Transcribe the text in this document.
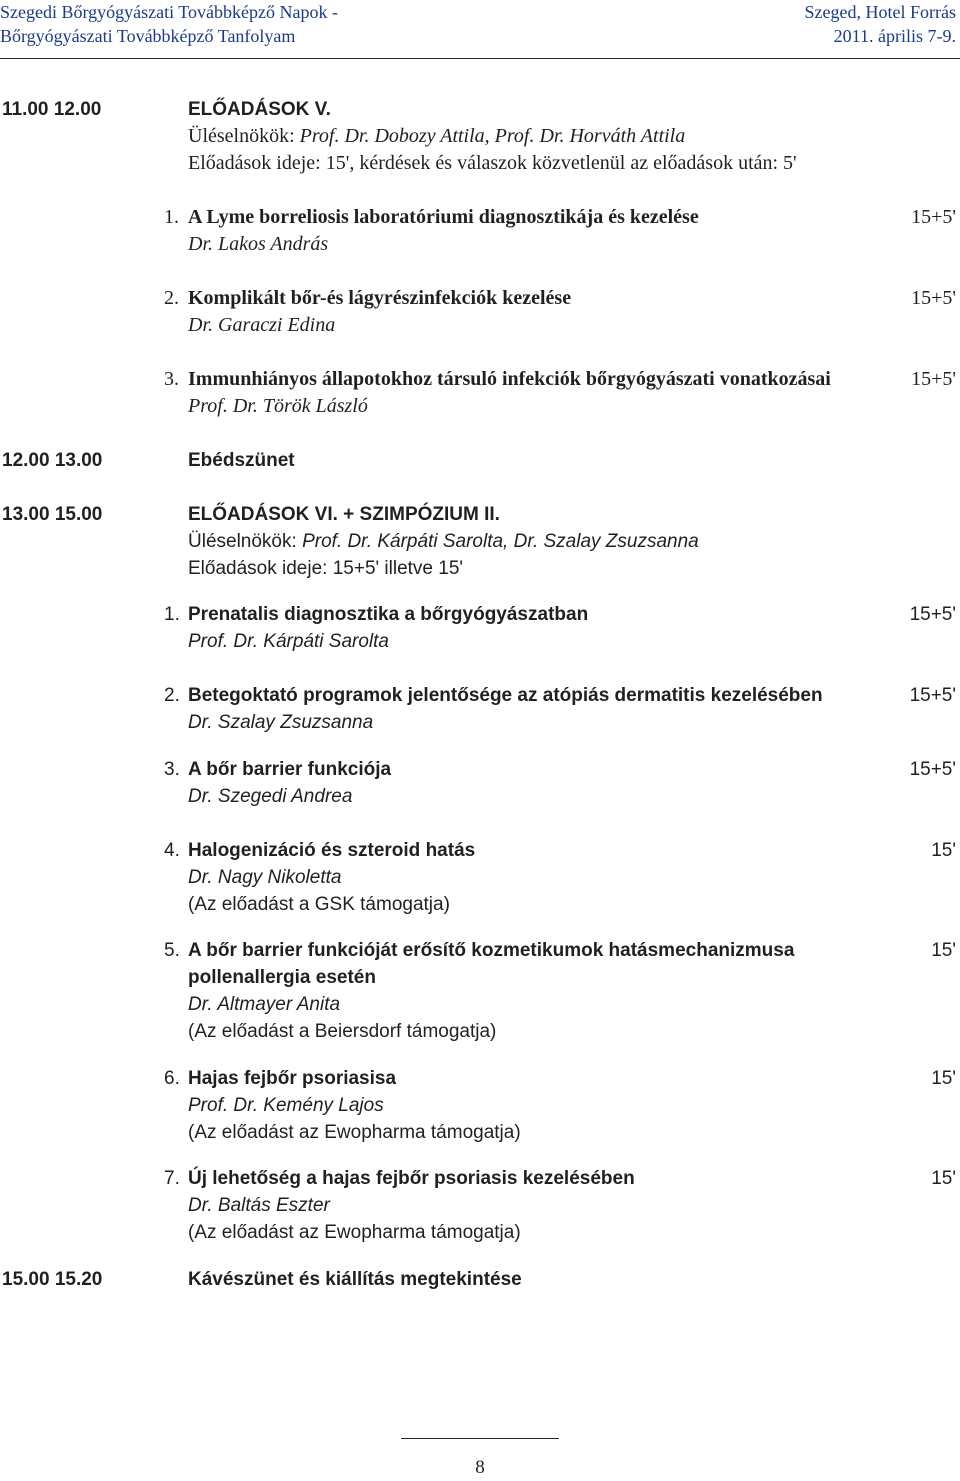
Szegedi Bőrgyógyászati Továbbképző Napok -
Bőrgyógyászati Továbbképző Tanfolyam
Szeged, Hotel Forrás
2011. április 7-9.
11.00 12.00	ELŐADÁSOK V.
Üléselnökök: Prof. Dr. Dobozy Attila, Prof. Dr. Horváth Attila
Előadások ideje: 15', kérdések és válaszok közvetlenül az előadások után: 5'
1. A Lyme borreliosis laboratóriumi diagnosztikája és kezelése	15+5'
Dr. Lakos András
2. Komplikált bőr-és lágyrészinfekciók kezelése	15+5'
Dr. Garaczi Edina
3. Immunhiányos állapotokhoz társuló infekciók bőrgyógyászati vonatkozásai	15+5'
Prof. Dr. Török László
12.00 13.00	Ebédszünet
13.00 15.00	ELŐADÁSOK VI. + SZIMPÓZIUM II.
Üléselnökök: Prof. Dr. Kárpáti Sarolta, Dr. Szalay Zsuzsanna
Előadások ideje: 15+5' illetve 15'
1. Prenatalis diagnosztika a bőrgyógyászatban	15+5'
Prof. Dr. Kárpáti Sarolta
2. Betegoktató programok jelentősége az atópiás dermatitis kezelésében	15+5'
Dr. Szalay Zsuzsanna
3. A bőr barrier funkciója	15+5'
Dr. Szegedi Andrea
4. Halogenizáció és szteroid hatás	15'
Dr. Nagy Nikoletta
(Az előadást a GSK támogatja)
5. A bőr barrier funkcióját erősítő kozmetikumok hatásmechanizmusa	15'
pollenallergia esetén
Dr. Altmayer Anita
(Az előadást a Beiersdorf támogatja)
6. Hajas fejbőr psoriasisa	15'
Prof. Dr. Kemény Lajos
(Az előadást az Ewopharma támogatja)
7. Új lehetőség a hajas fejbőr psoriasis kezelésében	15'
Dr. Baltás Eszter
(Az előadást az Ewopharma támogatja)
15.00 15.20	Kávészünet és kiállítás megtekintése
8
